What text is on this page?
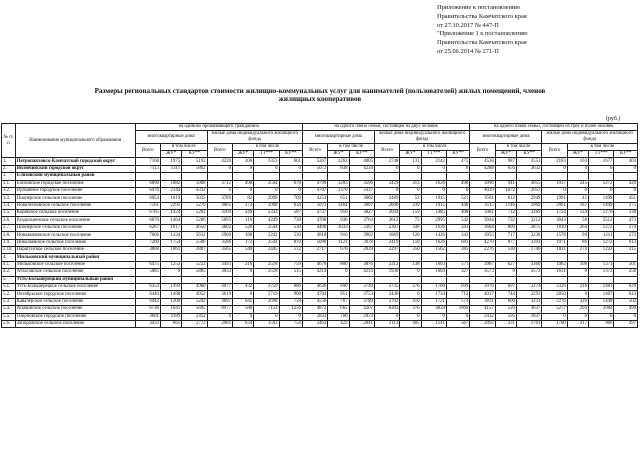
Приложение к постановлению
Правительства Камчатского края
от 27.10.2017 № 447-П
"Приложение 1 к постановлению
Правительства Камчатского края
от 25.06.2014 № 271-П
Размеры региональных стандартов стоимости жилищно-коммунальных услуг для нанимателей (пользователей) жилых помещений, членов
жилищных кооперативов
(руб.)
№ п/п	Наименование муниципального образования	на одиноко проживающего гражданина							на одного члена семьи, состоящей из двух человек							на одного члена семьи, состоящей из трех и более человек						
		многоквартирные дома			жилые дома индивидуального жилищного фонда				многоквартирные дома			жилые дома индивидуального жилищного фонда				многоквартирные дома			жилые дома индивидуального жилищного фонда			
		Всего	в том числе		Всего	в том числе			Всего	в том числе		Всего	в том числе			Всего	в том числе		Всего	в том числе		
			ЖУ*	КУ**		ЖУ*	ТТ***	КУ**		ЖУ*	КУ**		ЖУ*	ТТ***	КУ**		ЖУ*	КУ**		ЖУ*	ТТ***	КУ**
1.	Петропавловск-Камчатский городской округ	7168	1975	5193	4220	206	3353	661	5267	1262	4005	2748	131	2142	475	4538	987	3551	2183	103	1677	403
2.	Вилючинский городской округ	7113	1311	5802	0	0	0	0	5072	838	4234	0	0	0	0	4288	656	3632	0	0	0	0
3.	Елизовский муниципальный район																					
3.1.	Елизовское городское поселение	6890	1882	5008	3712	490	2544	678	4799	1203	3596	2429	313	1626	490	3996	941	3055	1937	245	1272	420
3.2.	Вулканное городское поселение	6476	2144	4332	0	0	0	0	4707	1370	3337	0	0	0	0	4029	1072	2957	0	0	0	0
3.3.	Пионерское сельское поселение	6054	1019	5035	3789	82	2998	709	4253	651	3602	2489	53	1915	521	3561	612	2949	1991	41	1499	451
3.4.	Новолесновское сельское поселение	7561	2291	5270	4005	373	2998	634	5071	1464	3607	2600	239	1915	446	4115	1146	2969	2061	187	1499	375
3.5.	Корякское сельское поселение	6705	1424	5281	3169	249	2333	587	4737	910	3827	2044	159	1485	400	3981	712	3269	1724	124	1270	330
3.6.	Раздольненское сельское поселение	6670	1464	5206	5095	116	4249	730	4700	936	3764	3612	75	2995	542	3944	732	3212	3043	58	2512	473
3.7.	Пионерское сельское поселение	6267	1617	4650	3602	528	2544	530	4400	1033	3367	2307	338	1626	343	3684	809	2875	1810	264	1272	274
3.8.	Новоавачинское сельское поселение	7066	1434	5632	2960	188	2242	530	4818	916	3902	1889	120	1426	343	3955	717	3238	1578	94	1211	273
3.9.	Николаевское сельское поселение	7260	1754	5506	3586	172	2544	870	5090	1121	3978	2419	110	1626	683	4270	877	3393	1971	86	1272	613
3.10	Паратунское сельское поселение	3868	1061	2807	3565	548	2445	572	2717	678	2039	2297	350	1562	385	2276	530	1746	1811	274	1222	315
4.	Мильковский муниципальный район																					
4.1.	Мильковское сельское поселение	6475	1253	5222	3493	216	2518	759	4676	800	3876	2312	138	1603	571	3987	627	3360	1982	108	1373	501
4.2.	Атласовское сельское поселение	5885	0	5885	3033	0	2518	515	4214	0	4214	1930	0	1603	327	3573	0	3573	1631	0	1373	258
5.	Усть-Большерецкий муниципальный район																					
5.1.	Усть-Большерецкое сельское поселение	6353	1393	4960	4077	432	2759	886	4630	890	3740	2735	276	1760	699	3970	697	3273	2326	216	1481	629
5.2.	Октябрьское городское поселение	6440	1488	4952	3619	0	2719	900	4704	951	3753	2446	0	1734	712	4037	744	3293	2050	0	1407	643
5.3.	Кавалерское сельское поселение	6442	1200	5242	4097	641	2698	758	4556	767	3789	2702	410	1721	571	3831	600	3231	2276	320	1448	502
5.4.	Апачинское сельское поселение	6736	1041	5695	8977	588	7133	1256	4872	665	4207	6303	376	4839	1068	4157	520	3637	5277	294	3984	999
5.5.	Озерновское городское поселение	3601	1189	2412	0	0	0	0	2833	760	2073	0	0	0	0	2432	595	1837	0	0	0	0
5.6.	Запорожское сельское поселение	3433	661	2772	2981	634	1593	754	2463	422	2041	2113	405	1141	567	2092	331	1761	1780	317	966	497
